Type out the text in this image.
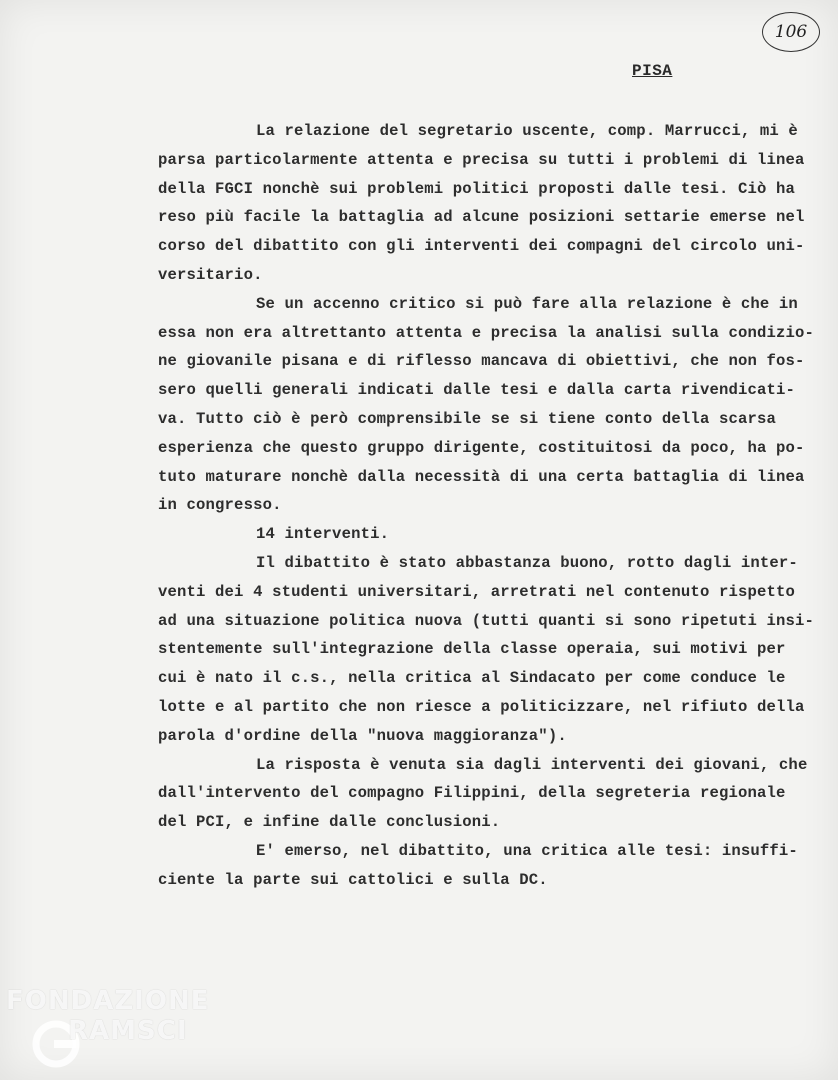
106
PISA
La relazione del segretario uscente, comp. Marrucci, mi è
parsa particolarmente attenta e precisa su tutti i problemi di linea
della FGCI nonchè sui problemi politici proposti dalle tesi. Ciò ha
reso più facile la battaglia ad alcune posizioni settarie emerse nel
corso del dibattito con gli interventi dei compagni del circolo uni-
versitario.
Se un accenno critico si può fare alla relazione è che in
essa non era altrettanto attenta e precisa la analisi sulla condizio-
ne giovanile pisana e di riflesso mancava di obiettivi, che non fos-
sero quelli generali indicati dalle tesi e dalla carta rivendicati-
va. Tutto ciò è però comprensibile se si tiene conto della scarsa
esperienza che questo gruppo dirigente, costituitosi da poco, ha po-
tuto maturare nonchè dalla necessità di una certa battaglia di linea
in congresso.
14 interventi.
Il dibattito è stato abbastanza buono, rotto dagli inter-
venti dei 4 studenti universitari, arretrati nel contenuto rispetto
ad una situazione politica nuova (tutti quanti si sono ripetuti insi-
stentemente sull'integrazione della classe operaia, sui motivi per
cui è nato il c.s., nella critica al Sindacato per come conduce le
lotte e al partito che non riesce a politicizzare, nel rifiuto della
parola d'ordine della "nuova maggioranza").
La risposta è venuta sia dagli interventi dei giovani, che
dall'intervento del compagno Filippini, della segreteria regionale
del PCI, e infine dalle conclusioni.
E' emerso, nel dibattito, una critica alle tesi: insuffi-
ciente la parte sui cattolici e sulla DC.
FONDAZIONE
RAMSCI
